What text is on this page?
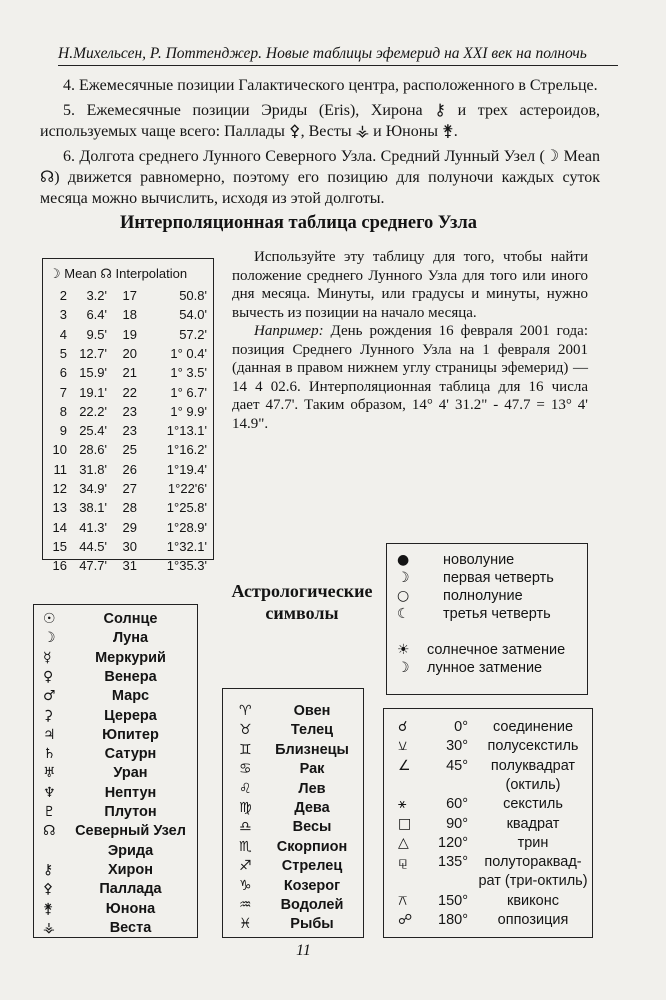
Н.Михельсен, Р. Поттенджер. Новые таблицы эфемерид на XXI век на полночь
4. Ежемесячные позиции Галактического центра, расположенного в Стрельце.
5. Ежемесячные позиции Эриды (Eris), Хирона ⚷ и трех астероидов, используемых чаще всего: Паллады ⚴, Весты ⚶ и Юноны ⚵.
6. Долгота среднего Лунного Северного Узла. Средний Лунный Узел (☽ Mean ☊) движется равномерно, поэтому его позицию для полуночи каждых суток месяца можно вычислить, исходя из этой долготы.
Интерполяционная таблица среднего Узла
☽ Mean ☊ Interpolation
2	3.2'	17	50.8'
3	6.4'	18	54.0'
4	9.5'	19	57.2'
5 12.7'	20	1° 0.4'
6 15.9'	21	1° 3.5'
7 19.1'	22	1° 6.7'
8 22.2'	23	1° 9.9'
9 25.4'	23	1°13.1'
10 28.6'	25	1°16.2'
11 31.8'	26	1°19.4'
12 34.9'	27	1°22'6'
13 38.1'	28	1°25.8'
14 41.3'	29	1°28.9'
15 44.5'	30	1°32.1'
16 47.7'	31	1°35.3'

Используйте эту таблицу для того, чтобы найти положение среднего Лунного Узла для того или иного дня месяца. Минуты, или градусы и минуты, нужно вычесть из позиции на начало месяца.

Например: День рождения 16 февраля 2001 года: позиция Среднего Лунного Узла на 1 февраля 2001 (данная в правом нижнем углу страницы эфемерид) — 14 4 02.6. Интерполяционная таблица для 16 числа дает 47.7'. Таким образом, 14° 4' 31.2" - 47.7 = 13° 4' 14.9".

● новолуние
☽ первая четверть
○ полнолуние
☾ третья четверть
☀ солнечное затмение
☽ лунное затмение
Астрологические
символы
☉	Солнце
☽	Луна
☿	Меркурий
♀	Венера
♂	Марс
⚳	Церера
♃	Юпитер
♄	Сатурн
♅	Уран
♆	Нептун
♇	Плутон
☊	Северный Узел
Эрида
⚷	Хирон
⚴	Паллада
⚵	Юнона
⚶	Веста
♈	Овен
♉	Телец
♊	Близнецы
♋	Рак
♌	Лев
♍	Дева
♎	Весы
♏	Скорпион
♐	Стрелец
♑	Козерог
♒	Водолей
♓	Рыбы
☌	0°	соединение
⚺	30°	полусекстиль
∠	45°	полуквадрат
(октиль)
⚹	60°	секстиль
□	90°	квадрат
△	120°	трин
⚼	135°	полутораквад-
рат (три-октиль)
⚻	150°	квиконс
☍	180°	оппозиция
11
